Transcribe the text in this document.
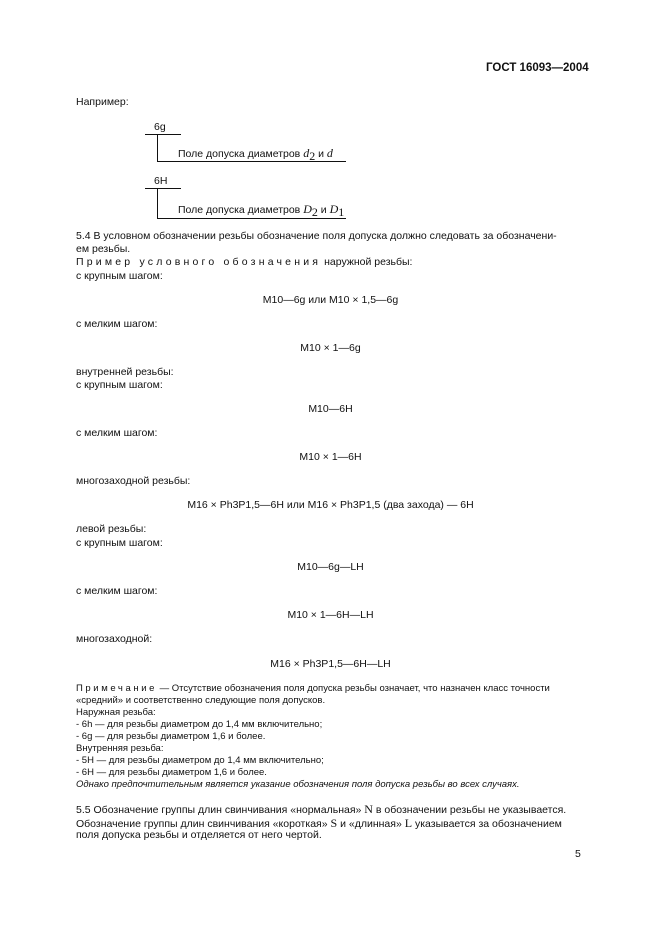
ГОСТ 16093—2004
Например:
6g
Поле допуска диаметров $d_2$ и d
6H
Поле допуска диаметров $D_2$ и $D_1$
5.4 В условном обозначении резьбы обозначение поля допуска должно следовать за обозначени-
ем резьбы.
Пример условного обозначения наружной резьбы:
с крупным шагом:
M10—6g или M10 × 1,5—6g
с мелким шагом:
M10 × 1—6g
внутренней резьбы:
с крупным шагом:
M10—6H
с мелким шагом:
M10 × 1—6H
многозаходной резьбы:
M16 × Ph3P1,5—6H или M16 × Ph3P1,5 (два захода) — 6H
левой резьбы:
с крупным шагом:
M10—6g—LH
с мелким шагом:
M10 × 1—6H—LH
многозаходной:
M16 × Ph3P1,5—6H—LH
Примечание — Отсутствие обозначения поля допуска резьбы означает, что назначен класс точности
«средний» и соответственно следующие поля допусков.
Наружная резьба:
- 6h — для резьбы диаметром до 1,4 мм включительно;
- 6g — для резьбы диаметром 1,6 и более.
Внутренняя резьба:
- 5H — для резьбы диаметром до 1,4 мм включительно;
- 6H — для резьбы диаметром 1,6 и более.
Однако предпочтительным является указание обозначения поля допуска резьбы во всех случаях.
5.5 Обозначение группы длин свинчивания «нормальная» N в обозначении резьбы не указывается.
Обозначение группы длин свинчивания «короткая» S и «длинная» L указывается за обозначением
поля допуска резьбы и отделяется от него чертой.
5
